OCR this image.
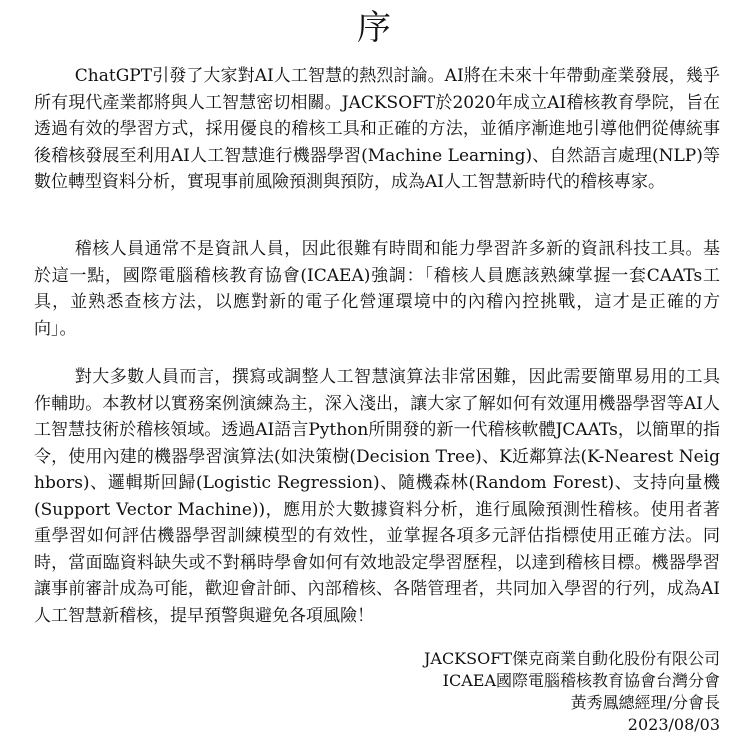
序

ChatGPT引發了大家對AI人工智慧的熱烈討論。AI將在未來十年帶動產業發展，幾乎所有現代產業都將與人工智慧密切相關。JACKSOFT於2020年成立AI稽核教育學院，旨在透過有效的學習方式，採用優良的稽核工具和正確的方法，並循序漸進地引導他們從傳統事後稽核發展至利用AI人工智慧進行機器學習(Machine Learning)、自然語言處理(NLP)等數位轉型資料分析，實現事前風險預測與預防，成為AI人工智慧新時代的稽核專家。

稽核人員通常不是資訊人員，因此很難有時間和能力學習許多新的資訊科技工具。基於這一點，國際電腦稽核教育協會(ICAEA)強調：「稽核人員應該熟練掌握一套CAATs工具，並熟悉查核方法，以應對新的電子化營運環境中的內稽內控挑戰，這才是正確的方向」。

對大多數人員而言，撰寫或調整人工智慧演算法非常困難，因此需要簡單易用的工具作輔助。本教材以實務案例演練為主，深入淺出，讓大家了解如何有效運用機器學習等AI人工智慧技術於稽核領域。透過AI語言Python所開發的新一代稽核軟體JCAATs，以簡單的指令，使用內建的機器學習演算法(如決策樹(Decision Tree)、K近鄰算法(K-Nearest Neighbors)、邏輯斯回歸(Logistic Regression)、隨機森林(Random Forest)、支持向量機(Support Vector Machine))，應用於大數據資料分析，進行風險預測性稽核。使用者著重學習如何評估機器學習訓練模型的有效性，並掌握各項多元評估指標使用正確方法。同時，當面臨資料缺失或不對稱時學會如何有效地設定學習歷程，以達到稽核目標。機器學習讓事前審計成為可能，歡迎會計師、內部稽核、各階管理者，共同加入學習的行列，成為AI人工智慧新稽核，提早預警與避免各項風險！

JACKSOFT傑克商業自動化股份有限公司
ICAEA國際電腦稽核教育協會台灣分會
黃秀鳳總經理/分會長
2023/08/03
